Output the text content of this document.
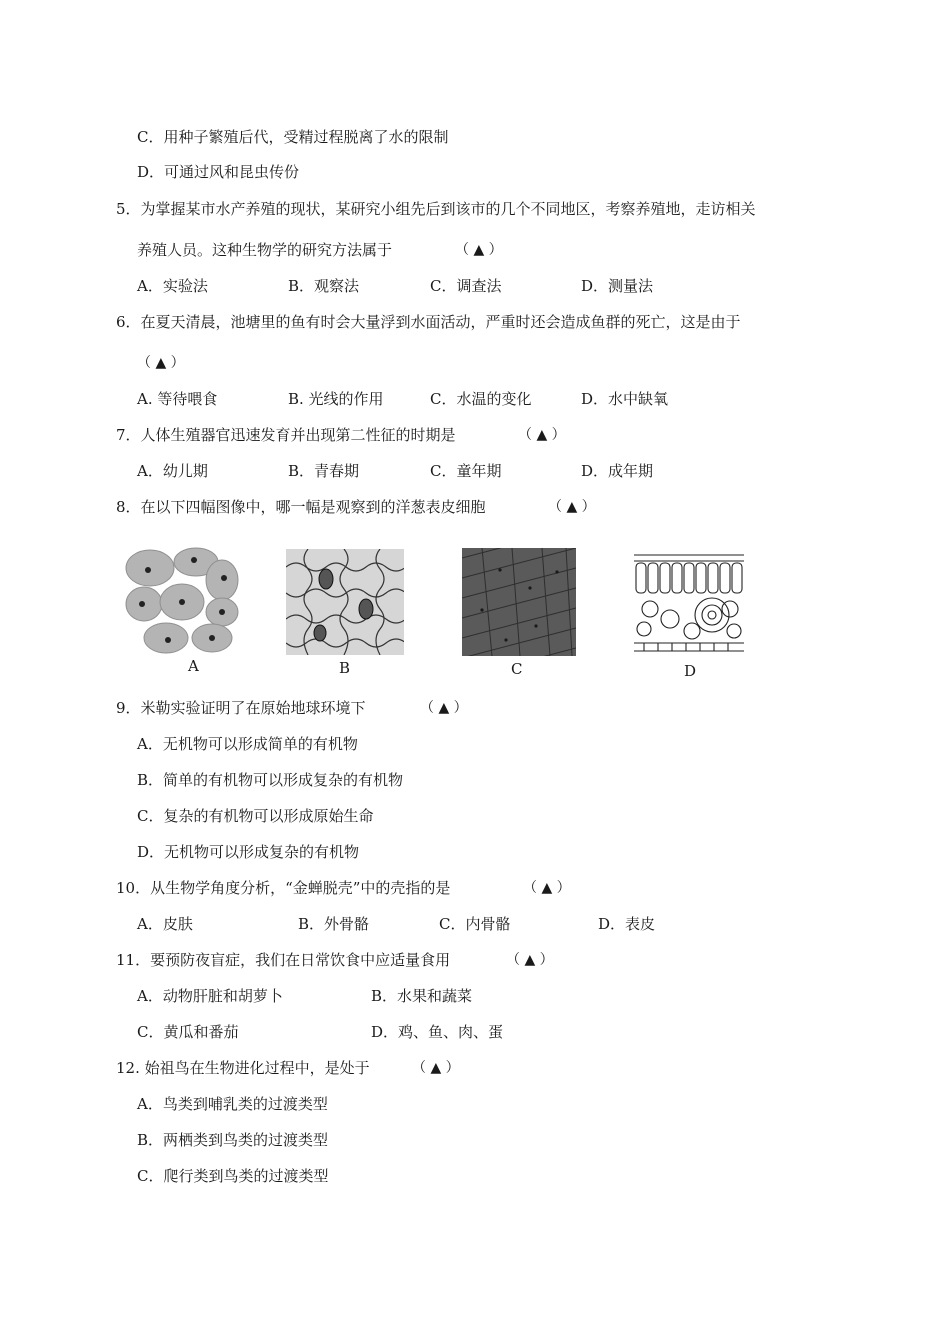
C．用种子繁殖后代，受精过程脱离了水的限制
D．可通过风和昆虫传份
5．为掌握某市水产养殖的现状，某研究小组先后到该市的几个不同地区，考察养殖地，走访相关
养殖人员。这种生物学的研究方法属于	（ ▲ ）
A．实验法	B．观察法	C．调查法	D．测量法
6．在夏天清晨，池塘里的鱼有时会大量浮到水面活动，严重时还会造成鱼群的死亡，这是由于
（ ▲ ）
A. 等待喂食	B. 光线的作用	C．水温的变化	D．水中缺氧
7．人体生殖器官迅速发育并出现第二性征的时期是	（ ▲ ）
A．幼儿期	B．青春期	C．童年期	D．成年期
8．在以下四幅图像中，哪一幅是观察到的洋葱表皮细胞	（ ▲ ）
A	B	C	D
9．米勒实验证明了在原始地球环境下	（ ▲ ）
A．无机物可以形成简单的有机物
B．简单的有机物可以形成复杂的有机物
C．复杂的有机物可以形成原始生命
D．无机物可以形成复杂的有机物
10．从生物学角度分析，“金蝉脱壳”中的壳指的是	（ ▲ ）
A．皮肤	B．外骨骼	C．内骨骼	D．表皮
11．要预防夜盲症，我们在日常饮食中应适量食用	（ ▲ ）
A．动物肝脏和胡萝卜	B．水果和蔬菜
C．黄瓜和番茄	D．鸡、鱼、肉、蛋
12. 始祖鸟在生物进化过程中，是处于	（ ▲ ）
A．鸟类到哺乳类的过渡类型
B．两栖类到鸟类的过渡类型
C．爬行类到鸟类的过渡类型
